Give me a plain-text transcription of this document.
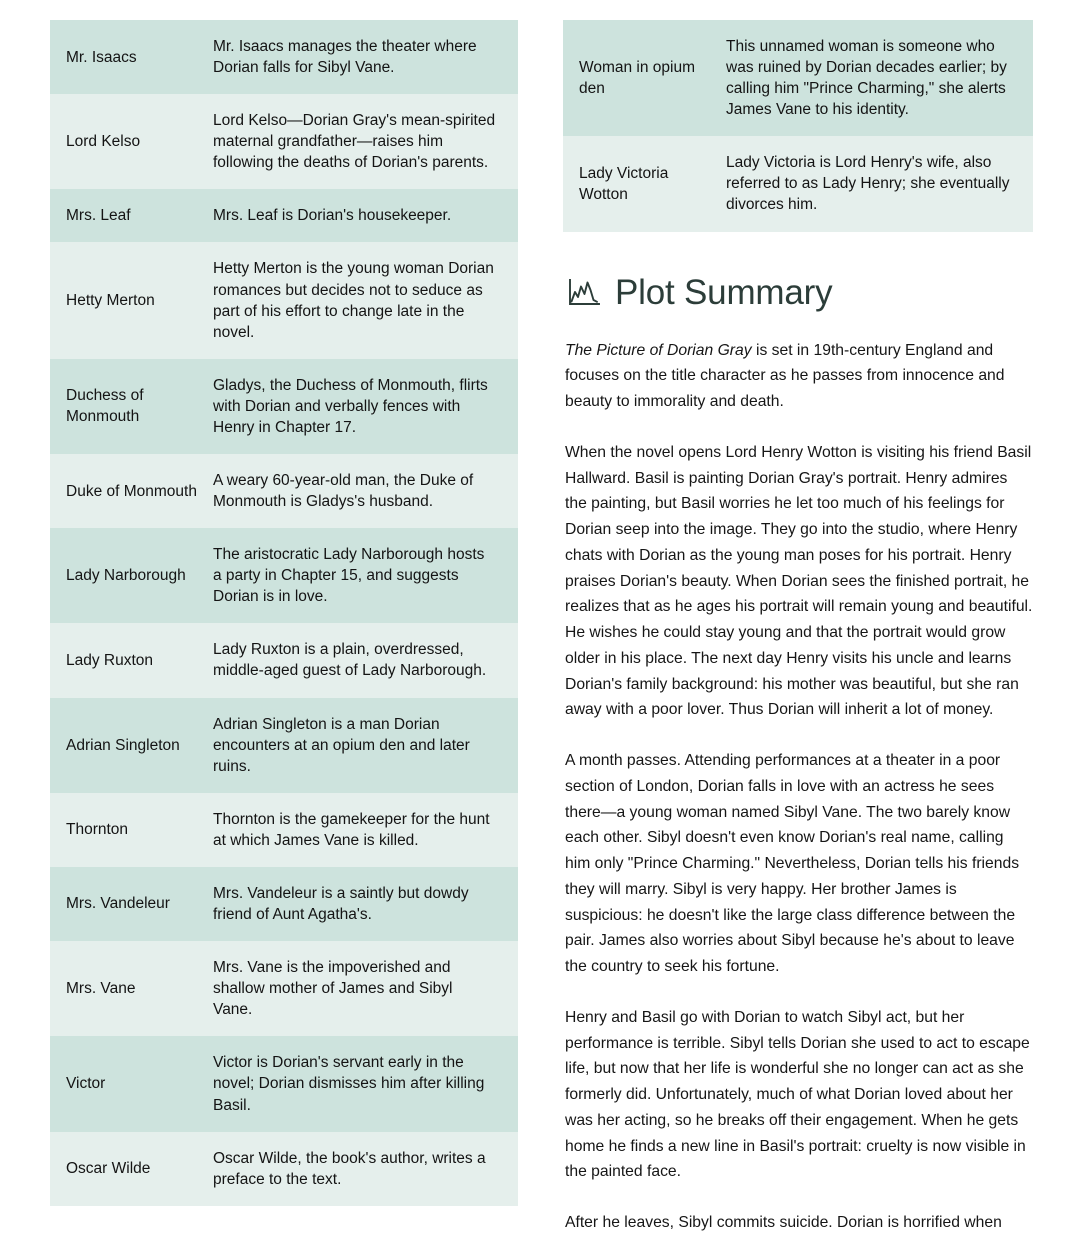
Mr. Isaacs	Mr. Isaacs manages the theater where Dorian falls for Sibyl Vane.
Lord Kelso	Lord Kelso—Dorian Gray's mean-spirited maternal grandfather—raises him following the deaths of Dorian's parents.
Mrs. Leaf	Mrs. Leaf is Dorian's housekeeper.
Hetty Merton	Hetty Merton is the young woman Dorian romances but decides not to seduce as part of his effort to change late in the novel.
Duchess of Monmouth	Gladys, the Duchess of Monmouth, flirts with Dorian and verbally fences with Henry in Chapter 17.
Duke of Monmouth	A weary 60-year-old man, the Duke of Monmouth is Gladys's husband.
Lady Narborough	The aristocratic Lady Narborough hosts a party in Chapter 15, and suggests Dorian is in love.
Lady Ruxton	Lady Ruxton is a plain, overdressed, middle-aged guest of Lady Narborough.
Adrian Singleton	Adrian Singleton is a man Dorian encounters at an opium den and later ruins.
Thornton	Thornton is the gamekeeper for the hunt at which James Vane is killed.
Mrs. Vandeleur	Mrs. Vandeleur is a saintly but dowdy friend of Aunt Agatha's.
Mrs. Vane	Mrs. Vane is the impoverished and shallow mother of James and Sibyl Vane.
Victor	Victor is Dorian's servant early in the novel; Dorian dismisses him after killing Basil.
Oscar Wilde	Oscar Wilde, the book's author, writes a preface to the text.
Woman in opium den	This unnamed woman is someone who was ruined by Dorian decades earlier; by calling him "Prince Charming," she alerts James Vane to his identity.
Lady Victoria Wotton	Lady Victoria is Lord Henry's wife, also referred to as Lady Henry; she eventually divorces him.
Plot Summary

The Picture of Dorian Gray is set in 19th-century England and focuses on the title character as he passes from innocence and beauty to immorality and death.

When the novel opens Lord Henry Wotton is visiting his friend Basil Hallward. Basil is painting Dorian Gray's portrait. Henry admires the painting, but Basil worries he let too much of his feelings for Dorian seep into the image. They go into the studio, where Henry chats with Dorian as the young man poses for his portrait. Henry praises Dorian's beauty. When Dorian sees the finished portrait, he realizes that as he ages his portrait will remain young and beautiful. He wishes he could stay young and that the portrait would grow older in his place. The next day Henry visits his uncle and learns Dorian's family background: his mother was beautiful, but she ran away with a poor lover. Thus Dorian will inherit a lot of money.

A month passes. Attending performances at a theater in a poor section of London, Dorian falls in love with an actress he sees there—a young woman named Sibyl Vane. The two barely know each other. Sibyl doesn't even know Dorian's real name, calling him only "Prince Charming." Nevertheless, Dorian tells his friends they will marry. Sibyl is very happy. Her brother James is suspicious: he doesn't like the large class difference between the pair. James also worries about Sibyl because he's about to leave the country to seek his fortune.

Henry and Basil go with Dorian to watch Sibyl act, but her performance is terrible. Sibyl tells Dorian she used to act to escape life, but now that her life is wonderful she no longer can act as she formerly did. Unfortunately, much of what Dorian loved about her was her acting, so he breaks off their engagement. When he gets home he finds a new line in Basil's portrait: cruelty is now visible in the painted face.

After he leaves, Sibyl commits suicide. Dorian is horrified when
